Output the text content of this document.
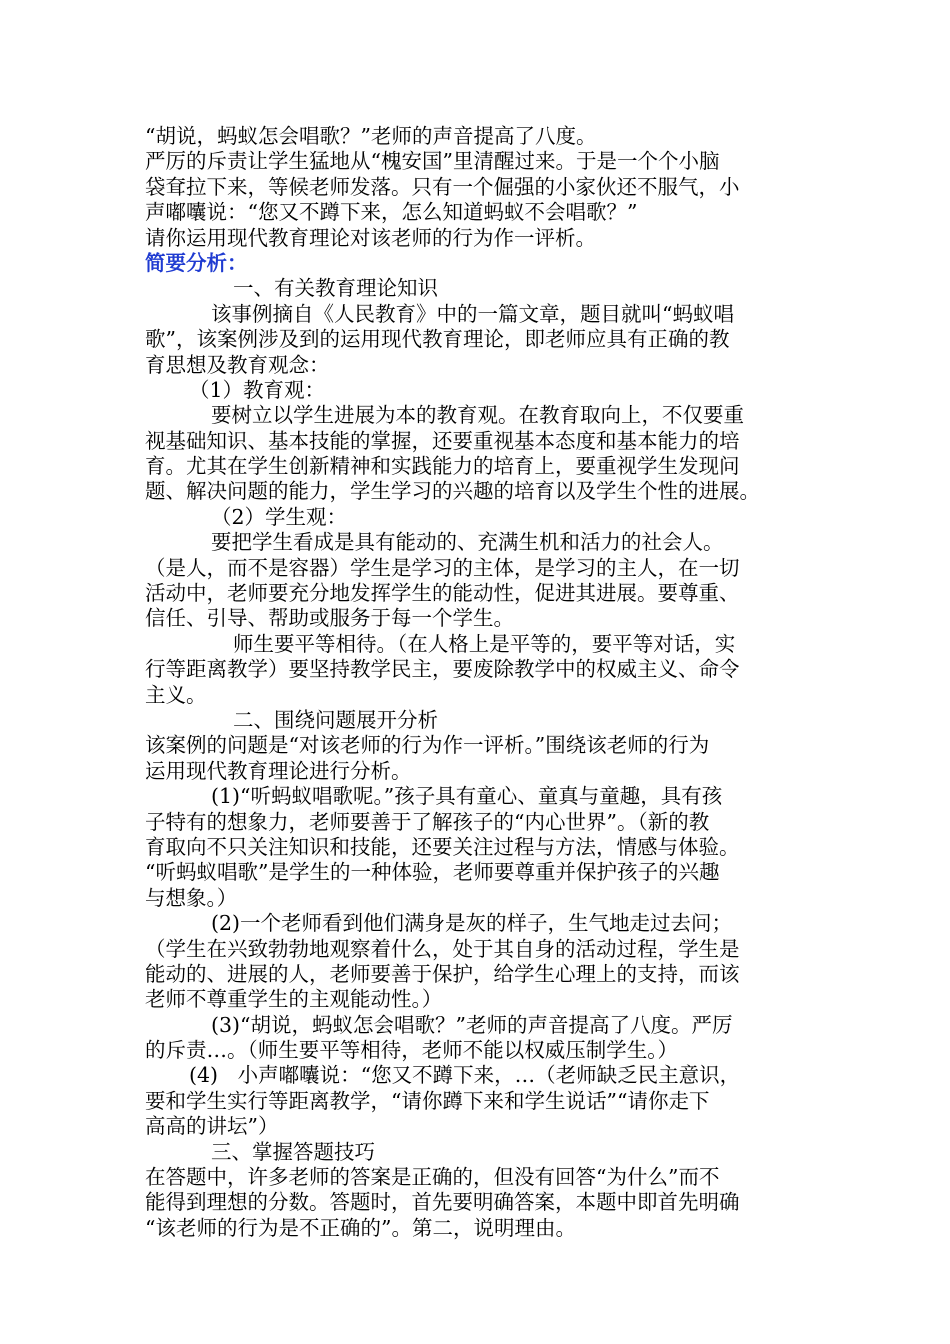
“胡说，蚂蚁怎会唱歌？”老师的声音提高了八度。
严厉的斥责让学生猛地从“槐安国”里清醒过来。于是一个个小脑
袋耷拉下来，等候老师发落。只有一个倔强的小家伙还不服气，小
声嘟囔说：“您又不蹲下来，怎么知道蚂蚁不会唱歌？”
请你运用现代教育理论对该老师的行为作一评析。
简要分析：
一、有关教育理论知识
该事例摘自《人民教育》中的一篇文章，题目就叫“蚂蚁唱
歌”，该案例涉及到的运用现代教育理论，即老师应具有正确的教
育思想及教育观念：
（1）教育观：
要树立以学生进展为本的教育观。在教育取向上，不仅要重
视基础知识、基本技能的掌握，还要重视基本态度和基本能力的培
育。尤其在学生创新精神和实践能力的培育上，要重视学生发现问
题、解决问题的能力，学生学习的兴趣的培育以及学生个性的进展。
（2）学生观：
要把学生看成是具有能动的、充满生机和活力的社会人。
（是人，而不是容器）学生是学习的主体，是学习的主人，在一切
活动中，老师要充分地发挥学生的能动性，促进其进展。要尊重、
信任、引导、帮助或服务于每一个学生。
师生要平等相待。（在人格上是平等的，要平等对话，实
行等距离教学）要坚持教学民主，要废除教学中的权威主义、命令
主义。
二、围绕问题展开分析
该案例的问题是“对该老师的行为作一评析。”围绕该老师的行为
运用现代教育理论进行分析。
(1)“听蚂蚁唱歌呢。”孩子具有童心、童真与童趣，具有孩
子特有的想象力，老师要善于了解孩子的“内心世界”。（新的教
育取向不只关注知识和技能，还要关注过程与方法，情感与体验。
“听蚂蚁唱歌”是学生的一种体验，老师要尊重并保护孩子的兴趣
与想象。）
(2)一个老师看到他们满身是灰的样子，生气地走过去问；
（学生在兴致勃勃地观察着什么，处于其自身的活动过程，学生是
能动的、进展的人，老师要善于保护，给学生心理上的支持，而该
老师不尊重学生的主观能动性。）
(3)“胡说，蚂蚁怎会唱歌？”老师的声音提高了八度。严厉
的斥责…。（师生要平等相待，老师不能以权威压制学生。）
(4)   小声嘟囔说：“您又不蹲下来，…（老师缺乏民主意识，
要和学生实行等距离教学，“请你蹲下来和学生说话”“请你走下
高高的讲坛”）
三、掌握答题技巧
在答题中，许多老师的答案是正确的，但没有回答“为什么”而不
能得到理想的分数。答题时，首先要明确答案，本题中即首先明确
“该老师的行为是不正确的”。第二，说明理由。
